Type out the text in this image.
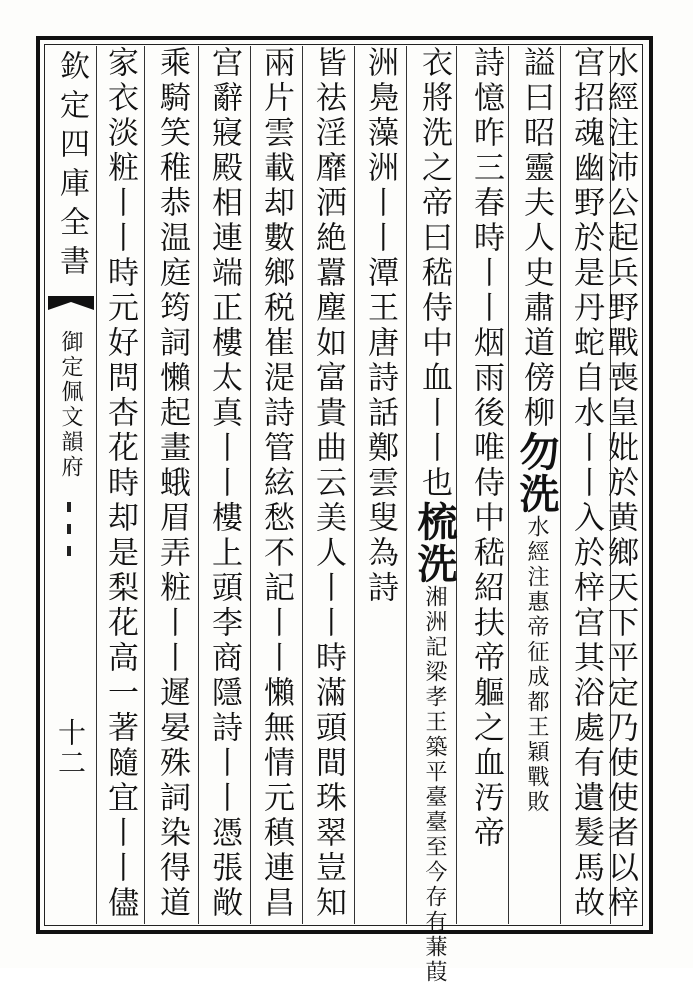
欽定四庫全書
御定佩文韻府
十二	水經注沛公起兵野戰喪皇妣於黄鄉天下平定乃使使者以梓
宫招魂幽野於是丹蛇自水丨丨入於梓宫其浴處有遺髮馬故
謚曰昭靈夫人史肅道傍柳勿洗水經注惠帝征成都王穎戰敗
詩憶昨三春時丨丨烟雨後唯侍中嵇紹扶帝軀之血汚帝
衣將洗之帝曰嵇侍中血丨丨也梳洗湘洲記梁孝王築平臺臺至今存有蒹葭
洲鳧藻洲丨丨潭王唐詩話鄭雲叟為詩
皆祛淫靡洒絶囂塵如富貴曲云美人丨丨時滿頭間珠翠豈知
兩片雲載却數鄉税崔湜詩管絃愁不記丨丨懶無情元稹連昌
宫辭寢殿相連端正樓太真丨丨樓上頭李商隱詩丨丨憑張敞
乘騎笑稚恭温庭筠詞懶起畫蛾眉弄粧丨丨遲晏殊詞染得道
家衣淡粧丨丨時元好問杏花時却是梨花高一著隨宜丨丨儘
